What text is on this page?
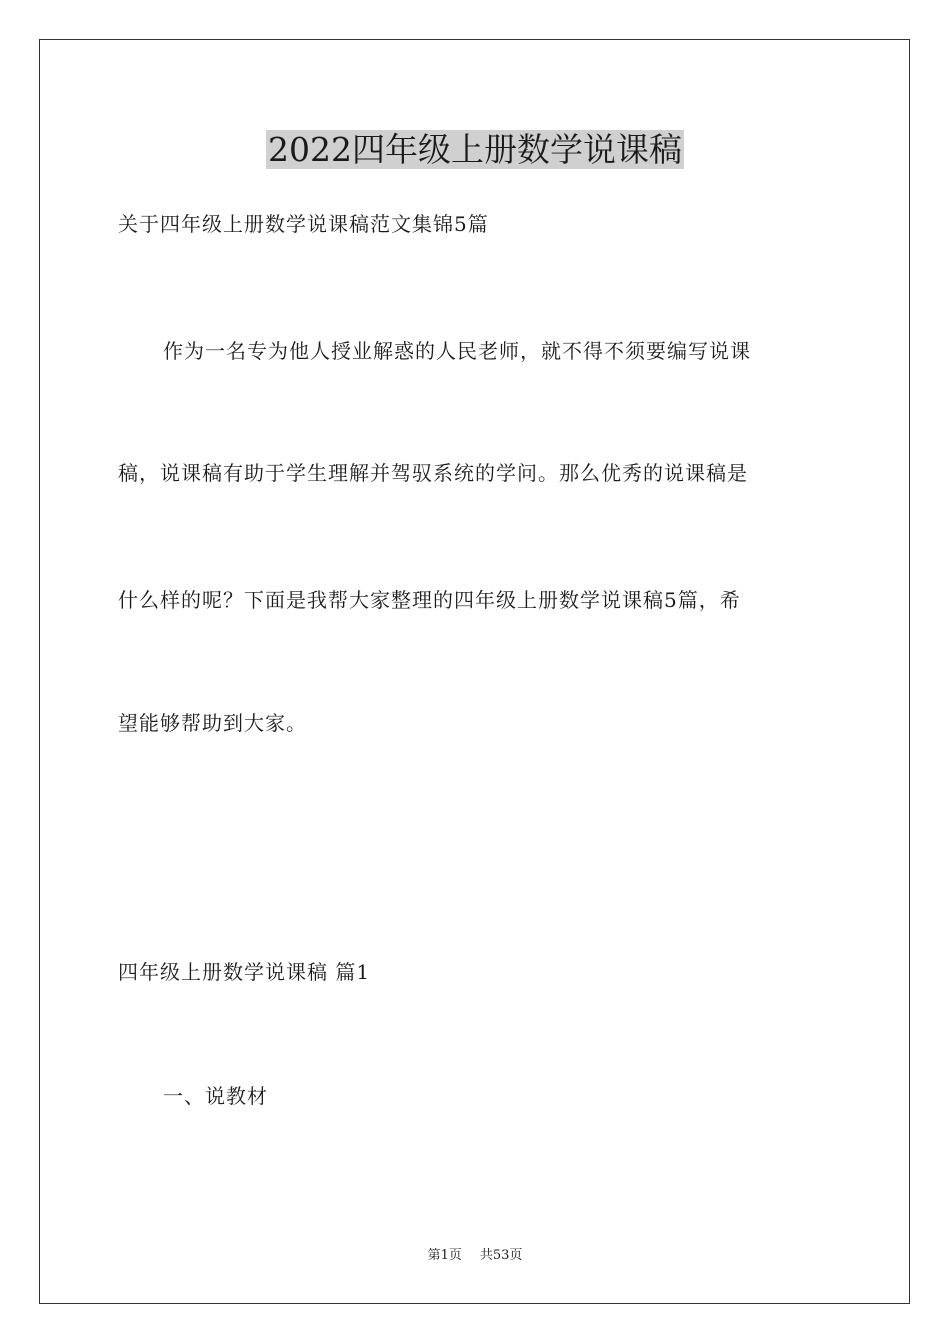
2022四年级上册数学说课稿
关于四年级上册数学说课稿范文集锦5篇
作为一名专为他人授业解惑的人民老师，就不得不须要编写说课
稿，说课稿有助于学生理解并驾驭系统的学问。那么优秀的说课稿是
什么样的呢？下面是我帮大家整理的四年级上册数学说课稿5篇，希
望能够帮助到大家。
四年级上册数学说课稿 篇1
一、说教材
第1页 共53页
